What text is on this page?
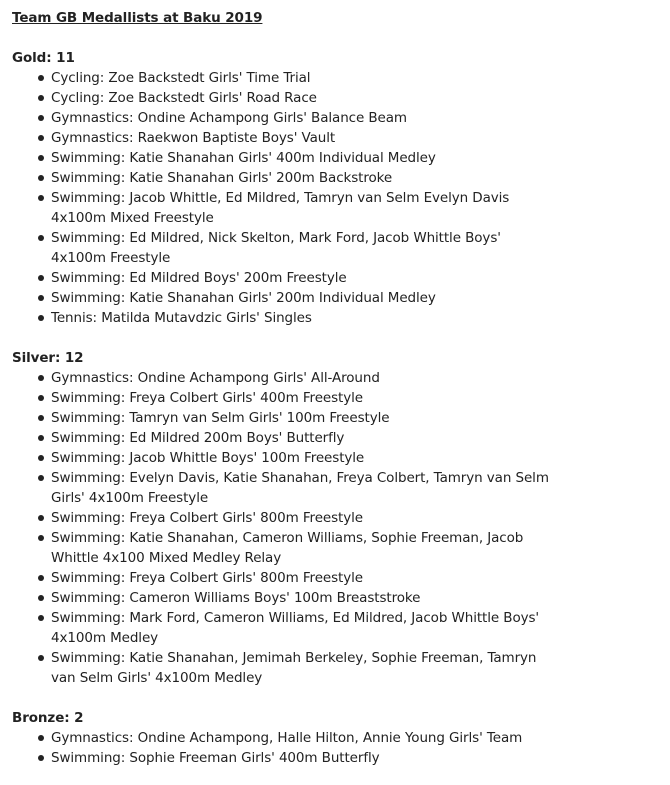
Team GB Medallists at Baku 2019

Gold: 11

Cycling: Zoe Backstedt Girls' Time Trial
Cycling: Zoe Backstedt Girls' Road Race
Gymnastics: Ondine Achampong Girls' Balance Beam
Gymnastics: Raekwon Baptiste Boys' Vault
Swimming: Katie Shanahan Girls' 400m Individual Medley
Swimming: Katie Shanahan Girls' 200m Backstroke
Swimming: Jacob Whittle, Ed Mildred, Tamryn van Selm Evelyn Davis 4x100m Mixed Freestyle
Swimming: Ed Mildred, Nick Skelton, Mark Ford, Jacob Whittle Boys' 4x100m Freestyle
Swimming: Ed Mildred Boys' 200m Freestyle
Swimming: Katie Shanahan Girls' 200m Individual Medley
Tennis: Matilda Mutavdzic Girls' Singles

Silver: 12

Gymnastics: Ondine Achampong Girls' All-Around
Swimming: Freya Colbert Girls' 400m Freestyle
Swimming: Tamryn van Selm Girls' 100m Freestyle
Swimming: Ed Mildred 200m Boys' Butterfly
Swimming: Jacob Whittle Boys' 100m Freestyle
Swimming: Evelyn Davis, Katie Shanahan, Freya Colbert, Tamryn van Selm Girls' 4x100m Freestyle
Swimming: Freya Colbert Girls' 800m Freestyle
Swimming: Katie Shanahan, Cameron Williams, Sophie Freeman, Jacob Whittle 4x100 Mixed Medley Relay
Swimming: Freya Colbert Girls' 800m Freestyle
Swimming: Cameron Williams Boys' 100m Breaststroke
Swimming: Mark Ford, Cameron Williams, Ed Mildred, Jacob Whittle Boys' 4x100m Medley
Swimming: Katie Shanahan, Jemimah Berkeley, Sophie Freeman, Tamryn van Selm Girls' 4x100m Medley

Bronze: 2

Gymnastics: Ondine Achampong, Halle Hilton, Annie Young Girls' Team
Swimming: Sophie Freeman Girls' 400m Butterfly
